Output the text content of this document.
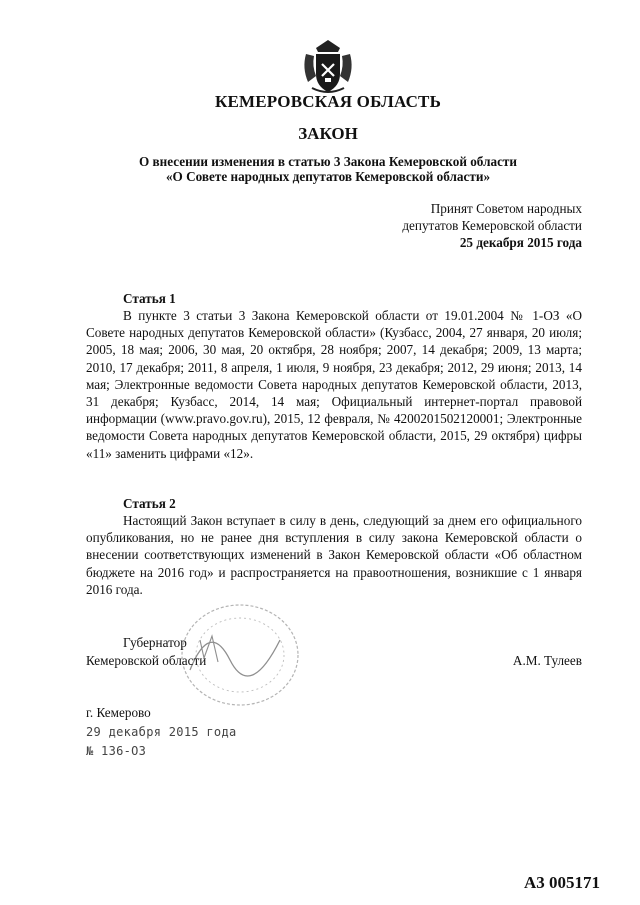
КЕМЕРОВСКАЯ ОБЛАСТЬ
ЗАКОН
О внесении изменения в статью 3 Закона Кемеровской области
«О Совете народных депутатов Кемеровской области»
Принят Советом народных
депутатов Кемеровской области
25 декабря 2015 года
Статья 1

В пункте 3 статьи 3 Закона Кемеровской области от 19.01.2004 № 1-ОЗ «О Совете народных депутатов Кемеровской области» (Кузбасс, 2004, 27 января, 20 июля; 2005, 18 мая; 2006, 30 мая, 20 октября, 28 ноября; 2007, 14 декабря; 2009, 13 марта; 2010, 17 декабря; 2011, 8 апреля, 1 июля, 9 ноября, 23 декабря; 2012, 29 июня; 2013, 14 мая; Электронные ведомости Совета народных депутатов Кемеровской области, 2013, 31 декабря; Кузбасс, 2014, 14 мая; Официальный интернет-портал правовой информации (www.pravo.gov.ru), 2015, 12 февраля, № 4200201502120001; Электронные ведомости Совета народных депутатов Кемеровской области, 2015, 29 октября) цифры «11» заменить цифрами «12».

Статья 2

Настоящий Закон вступает в силу в день, следующий за днем его официального опубликования, но не ранее дня вступления в силу закона Кемеровской области о внесении соответствующих изменений в Закон Кемеровской области «Об областном бюджете на 2016 год» и распространяется на правоотношения, возникшие с 1 января 2016 года.

Губернатор
Кемеровской области	А.М. Тулеев
г. Кемерово
29 декабря 2015 года
№ 136-ОЗ
А3 005171
